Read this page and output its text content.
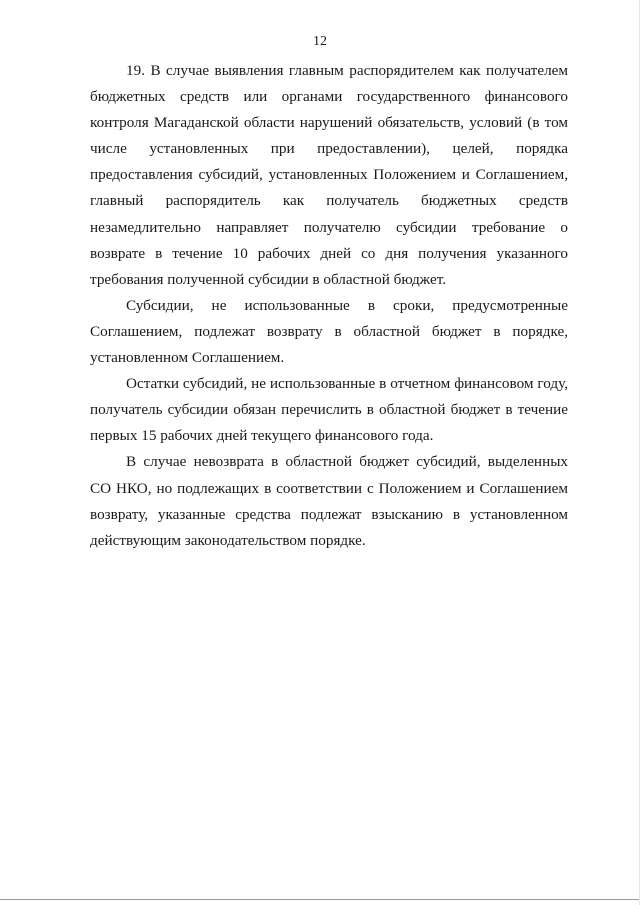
12

19. В случае выявления главным распорядителем как получателем бюджетных средств или органами государственного финансового контроля Магаданской области нарушений обязательств, условий (в том числе установленных при предоставлении), целей, порядка предоставления субсидий, установленных Положением и Соглашением, главный распорядитель как получатель бюджетных средств незамедлительно направляет получателю субсидии требование о возврате в течение 10 рабочих дней со дня получения указанного требования полученной субсидии в областной бюджет.

Субсидии, не использованные в сроки, предусмотренные Соглашением, подлежат возврату в областной бюджет в порядке, установленном Соглашением.

Остатки субсидий, не использованные в отчетном финансовом году, получатель субсидии обязан перечислить в областной бюджет в течение первых 15 рабочих дней текущего финансового года.

В случае невозврата в областной бюджет субсидий, выделенных СО НКО, но подлежащих в соответствии с Положением и Соглашением возврату, указанные средства подлежат взысканию в установленном действующим законодательством порядке.
